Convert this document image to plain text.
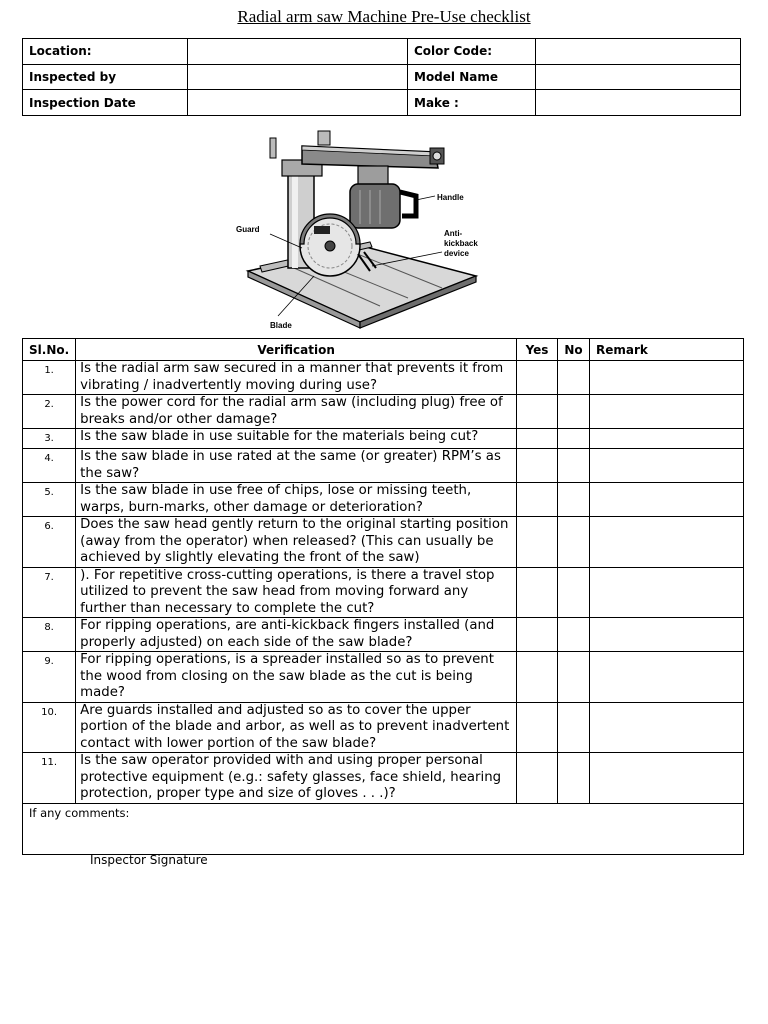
Radial arm saw Machine Pre-Use checklist
Location:		Color Code:	
Inspected by		Model Name	
Inspection Date		Make :	
Handle
Guard	Anti-
kickback
device
Blade
Sl.No.	Verification	Yes	No	Remark
1.	Is the radial arm saw secured in a manner that prevents it from vibrating / inadvertently moving during use?			
2.	Is the power cord for the radial arm saw (including plug) free of breaks and/or other damage?			
3.	Is the saw blade in use suitable for the materials being cut?			
4.	Is the saw blade in use rated at the same (or greater) RPM’s as the saw?			
5.	Is the saw blade in use free of chips, lose or missing teeth, warps, burn-marks, other damage or deterioration?			
6.	Does the saw head gently return to the original starting position (away from the operator) when released? (This can usually be achieved by slightly elevating the front of the saw)			
7.	). For repetitive cross-cutting operations, is there a travel stop utilized to prevent the saw head from moving forward any further than necessary to complete the cut?			
8.	For ripping operations, are anti-kickback fingers installed (and properly adjusted) on each side of the saw blade?			
9.	For ripping operations, is a spreader installed so as to prevent the wood from closing on the saw blade as the cut is being made?			
10.	Are guards installed and adjusted so as to cover the upper portion of the blade and arbor, as well as to prevent inadvertent contact with lower portion of the saw blade?			
11.	Is the saw operator provided with and using proper personal protective equipment (e.g.: safety glasses, face shield, hearing protection, proper type and size of gloves . . .)?			
If any comments:				
Inspector Signature
